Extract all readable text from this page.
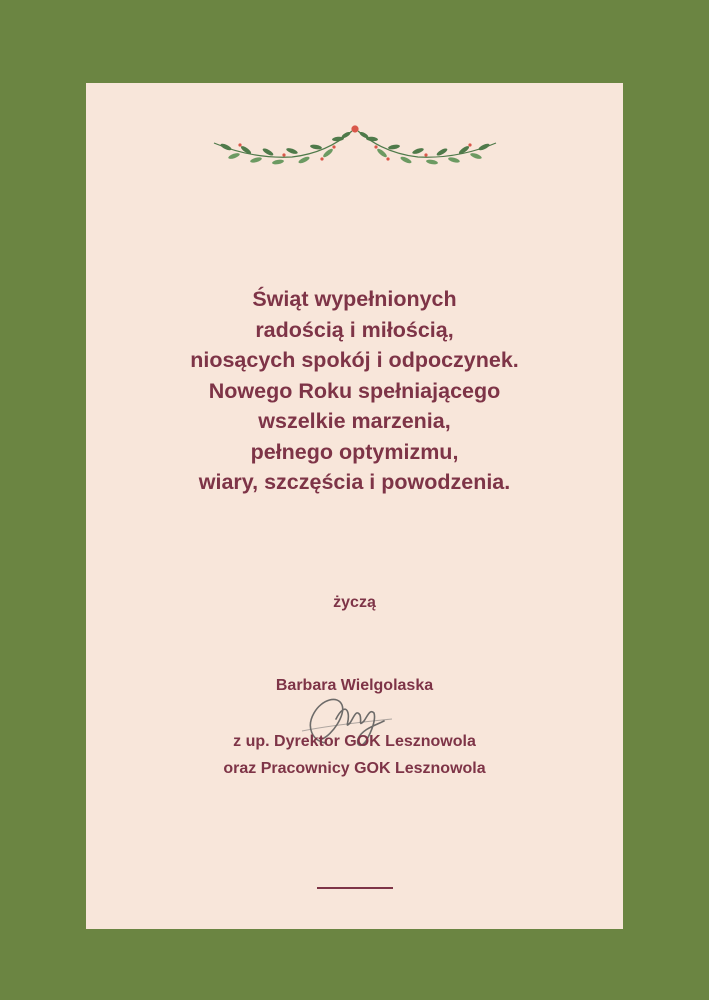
Świąt wypełnionych
radością i miłością,
niosących spokój i odpoczynek.
Nowego Roku spełniającego
wszelkie marzenia,
pełnego optymizmu,
wiary, szczęścia i powodzenia.
życzą
Barbara Wielgolaska
z up. Dyrektor GOK Lesznowola
oraz Pracownicy GOK Lesznowola
